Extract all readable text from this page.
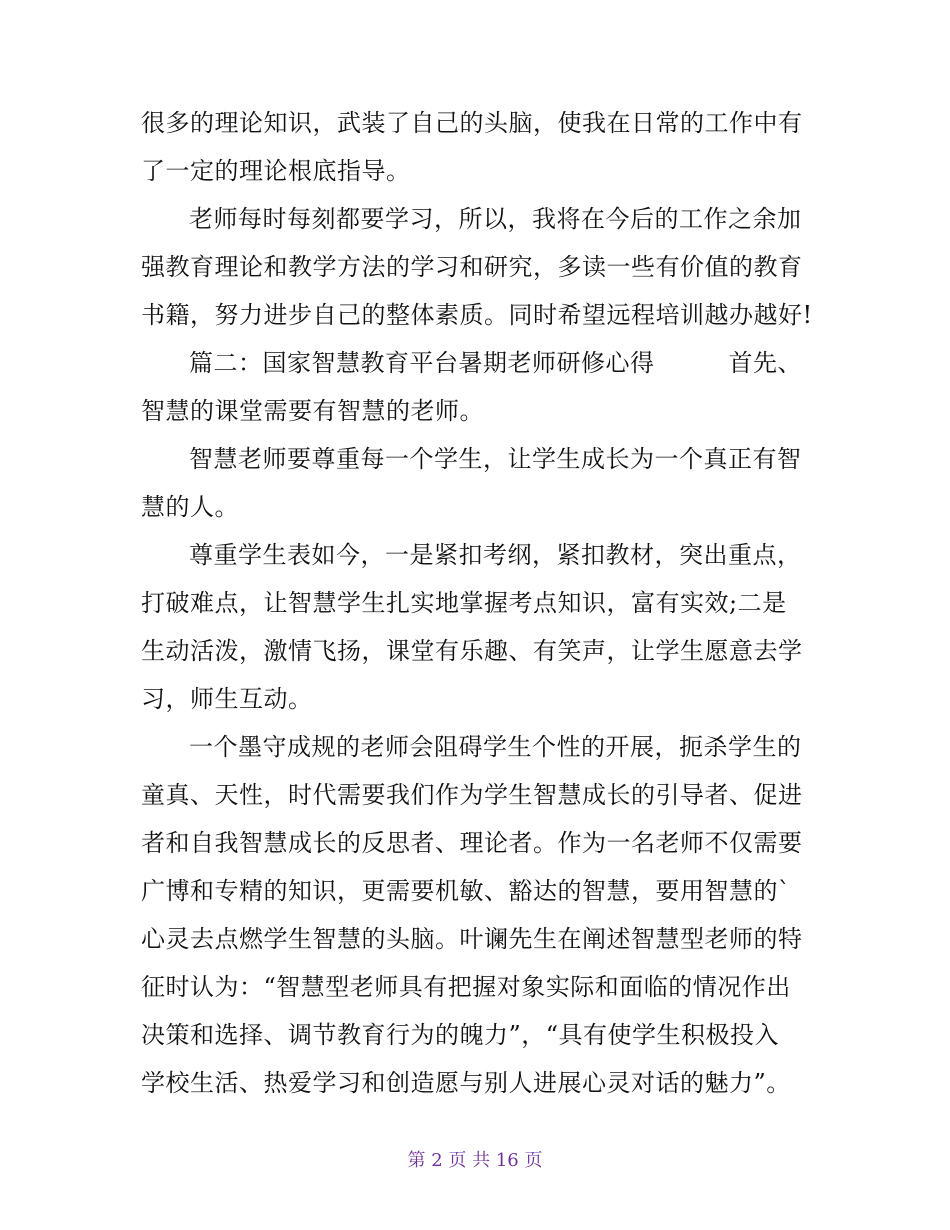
很多的理论知识，武装了自己的头脑，使我在日常的工作中有
了一定的理论根底指导。
老师每时每刻都要学习，所以，我将在今后的工作之余加
强教育理论和教学方法的学习和研究，多读一些有价值的教育
书籍，努力进步自己的整体素质。同时希望远程培训越办越好!
篇二：国家智慧教育平台暑期老师研修心得	首先、
智慧的课堂需要有智慧的老师。
智慧老师要尊重每一个学生，让学生成长为一个真正有智
慧的人。
尊重学生表如今，一是紧扣考纲，紧扣教材，突出重点，
打破难点，让智慧学生扎实地掌握考点知识，富有实效;二是
生动活泼，激情飞扬，课堂有乐趣、有笑声，让学生愿意去学
习，师生互动。
一个墨守成规的老师会阻碍学生个性的开展，扼杀学生的
童真、天性，时代需要我们作为学生智慧成长的引导者、促进
者和自我智慧成长的反思者、理论者。作为一名老师不仅需要
广博和专精的知识，更需要机敏、豁达的智慧，要用智慧的`
心灵去点燃学生智慧的头脑。叶谰先生在阐述智慧型老师的特
征时认为：“智慧型老师具有把握对象实际和面临的情况作出
决策和选择、调节教育行为的魄力”，“具有使学生积极投入
学校生活、热爱学习和创造愿与别人进展心灵对话的魅力”。
第 2 页 共 16 页
